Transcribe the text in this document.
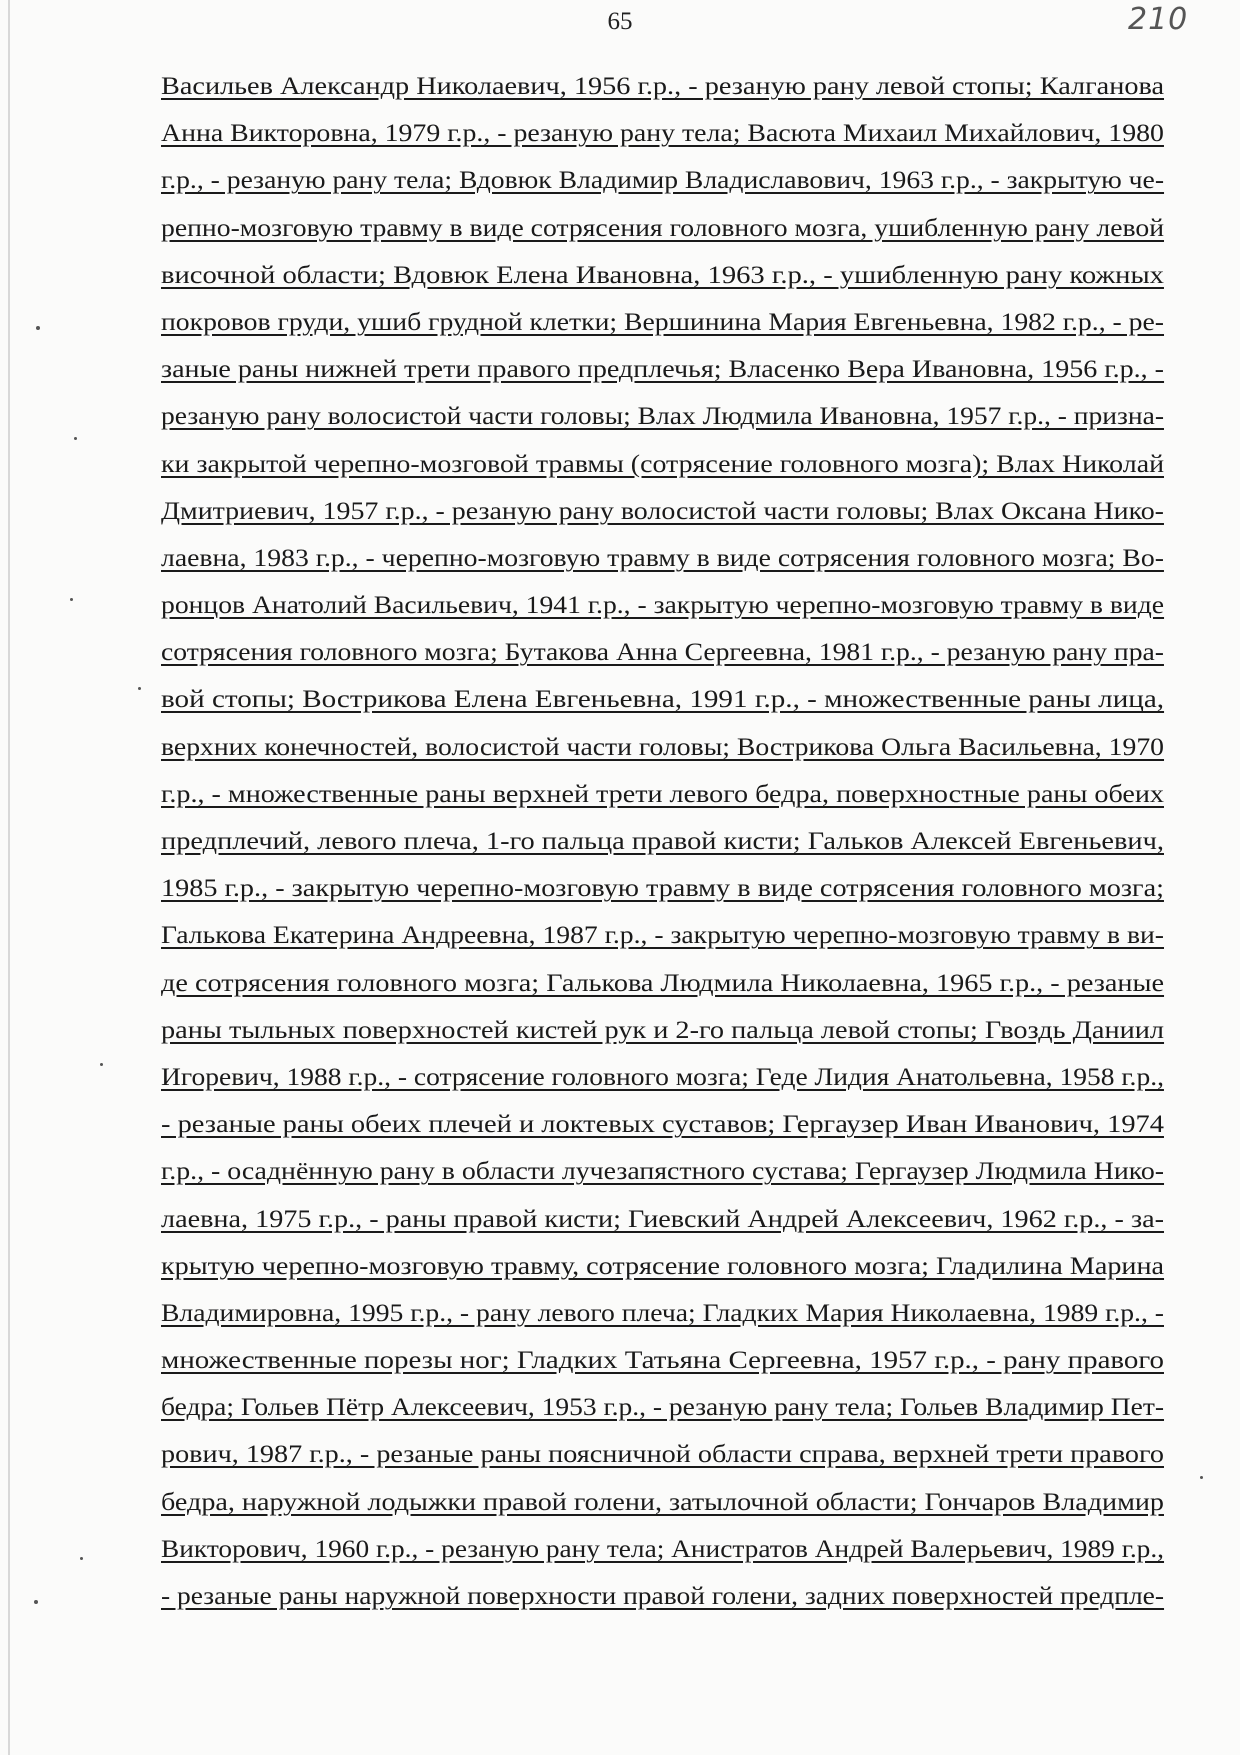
65	210
Васильев Александр Николаевич, 1956 г.р., - резаную рану левой стопы; Калганова
Анна Викторовна, 1979 г.р., - резаную рану тела; Васюта Михаил Михайлович, 1980
г.р., - резаную рану тела; Вдовюк Владимир Владиславович, 1963 г.р., - закрытую че-
репно-мозговую травму в виде сотрясения головного мозга, ушибленную рану левой
височной области; Вдовюк Елена Ивановна, 1963 г.р., - ушибленную рану кожных
покровов груди, ушиб грудной клетки; Вершинина Мария Евгеньевна, 1982 г.р., - ре-
заные раны нижней трети правого предплечья; Власенко Вера Ивановна, 1956 г.р., -
резаную рану волосистой части головы; Влах Людмила Ивановна, 1957 г.р., - призна-
ки закрытой черепно-мозговой травмы (сотрясение головного мозга); Влах Николай
Дмитриевич, 1957 г.р., - резаную рану волосистой части головы; Влах Оксана Нико-
лаевна, 1983 г.р., - черепно-мозговую травму в виде сотрясения головного мозга; Во-
ронцов Анатолий Васильевич, 1941 г.р., - закрытую черепно-мозговую травму в виде
сотрясения головного мозга; Бутакова Анна Сергеевна, 1981 г.р., - резаную рану пра-
вой стопы; Вострикова Елена Евгеньевна, 1991 г.р., - множественные раны лица,
верхних конечностей, волосистой части головы; Вострикова Ольга Васильевна, 1970
г.р., - множественные раны верхней трети левого бедра, поверхностные раны обеих
предплечий, левого плеча, 1-го пальца правой кисти; Гальков Алексей Евгеньевич,
1985 г.р., - закрытую черепно-мозговую травму в виде сотрясения головного мозга;
Галькова Екатерина Андреевна, 1987 г.р., - закрытую черепно-мозговую травму в ви-
де сотрясения головного мозга; Галькова Людмила Николаевна, 1965 г.р., - резаные
раны тыльных поверхностей кистей рук и 2-го пальца левой стопы; Гвоздь Даниил
Игоревич, 1988 г.р., - сотрясение головного мозга; Геде Лидия Анатольевна, 1958 г.р.,
- резаные раны обеих плечей и локтевых суставов; Гергаузер Иван Иванович, 1974
г.р., - осаднённую рану в области лучезапястного сустава; Гергаузер Людмила Нико-
лаевна, 1975 г.р., - раны правой кисти; Гиевский Андрей Алексеевич, 1962 г.р., - за-
крытую черепно-мозговую травму, сотрясение головного мозга; Гладилина Марина
Владимировна, 1995 г.р., - рану левого плеча; Гладких Мария Николаевна, 1989 г.р., -
множественные порезы ног; Гладких Татьяна Сергеевна, 1957 г.р., - рану правого
бедра; Гольев Пётр Алексеевич, 1953 г.р., - резаную рану тела; Гольев Владимир Пет-
рович, 1987 г.р., - резаные раны поясничной области справа, верхней трети правого
бедра, наружной лодыжки правой голени, затылочной области; Гончаров Владимир
Викторович, 1960 г.р., - резаную рану тела; Анистратов Андрей Валерьевич, 1989 г.р.,
- резаные раны наружной поверхности правой голени, задних поверхностей предпле-
